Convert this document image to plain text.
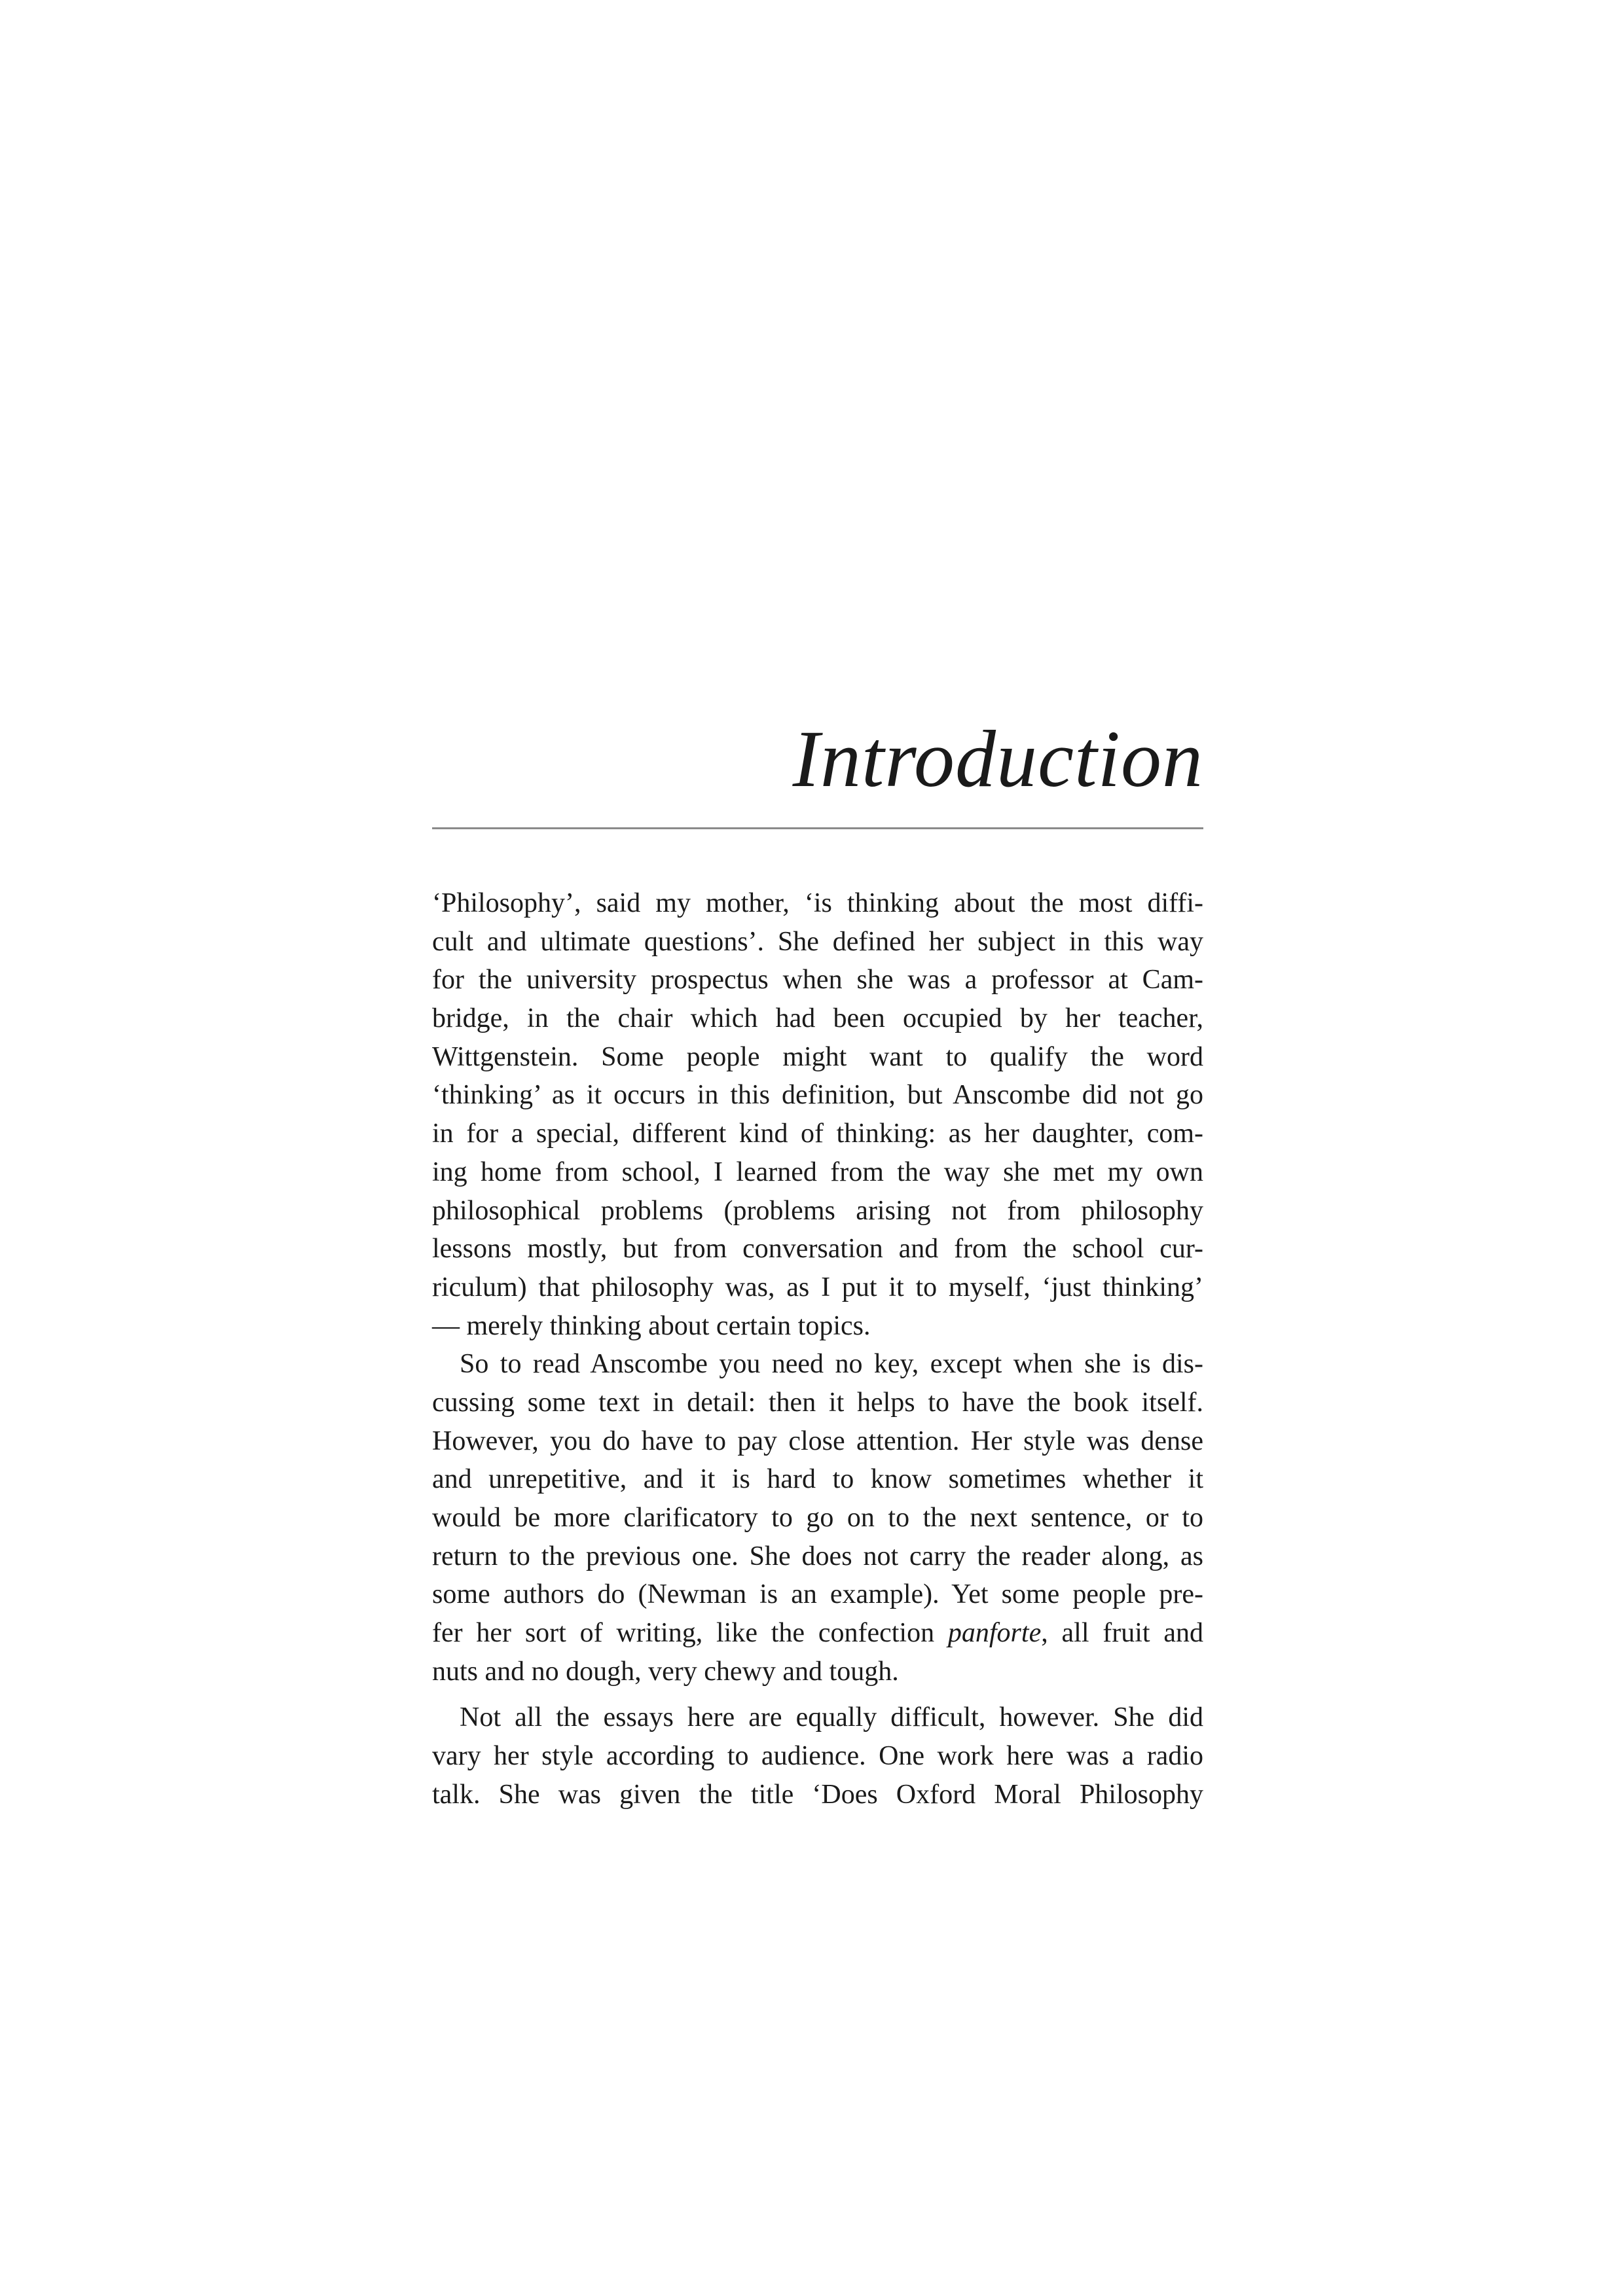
Introduction
‘Philosophy’, said my mother, ‘is thinking about the most diffi-
cult and ultimate questions’. She defined her subject in this way
for the university prospectus when she was a professor at Cam-
bridge, in the chair which had been occupied by her teacher,
Wittgenstein. Some people might want to qualify the word
‘thinking’ as it occurs in this definition, but Anscombe did not go
in for a special, different kind of thinking: as her daughter, com-
ing home from school, I learned from the way she met my own
philosophical problems (problems arising not from philosophy
lessons mostly, but from conversation and from the school cur-
riculum) that philosophy was, as I put it to myself, ‘just thinking’
— merely thinking about certain topics.
So to read Anscombe you need no key, except when she is dis-
cussing some text in detail: then it helps to have the book itself.
However, you do have to pay close attention. Her style was dense
and unrepetitive, and it is hard to know sometimes whether it
would be more clarificatory to go on to the next sentence, or to
return to the previous one. She does not carry the reader along, as
some authors do (Newman is an example). Yet some people pre-
fer her sort of writing, like the confection panforte, all fruit and
nuts and no dough, very chewy and tough.
Not all the essays here are equally difficult, however. She did
vary her style according to audience. One work here was a radio
talk. She was given the title ‘Does Oxford Moral Philosophy
